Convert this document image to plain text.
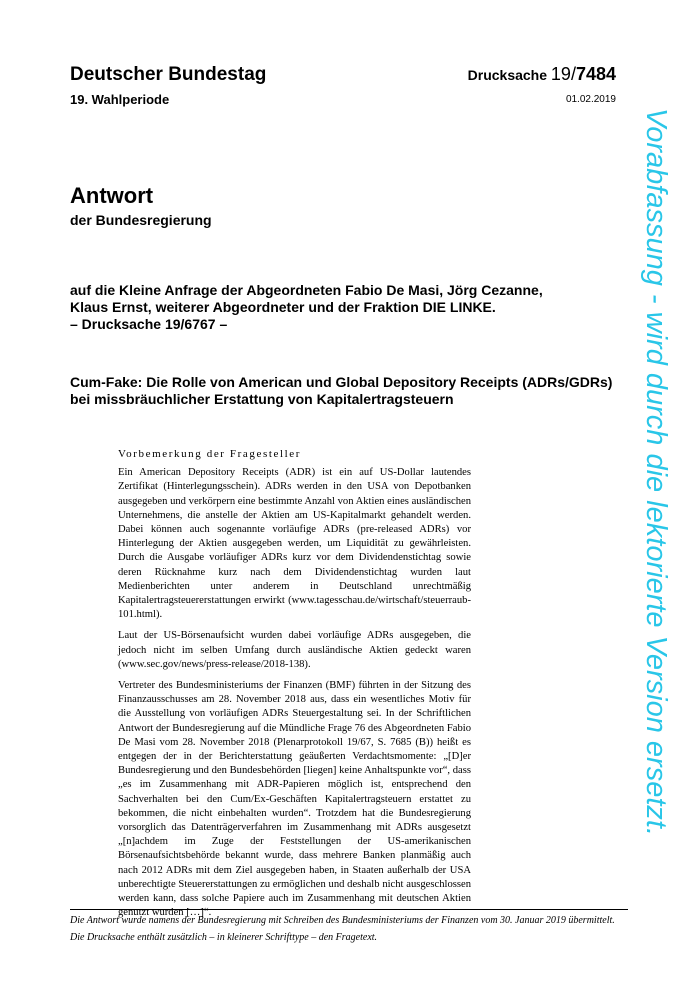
Deutscher Bundestag
19. Wahlperiode
Drucksache 19/7484
01.02.2019
Antwort
der Bundesregierung
auf die Kleine Anfrage der Abgeordneten Fabio De Masi, Jörg Cezanne,
Klaus Ernst, weiterer Abgeordneter und der Fraktion DIE LINKE.
– Drucksache 19/6767 –
Cum-Fake: Die Rolle von American und Global Depository Receipts (ADRs/GDRs) bei missbräuchlicher Erstattung von Kapitalertragsteuern
Vorbemerkung der Fragesteller

Ein American Depository Receipts (ADR) ist ein auf US-Dollar lautendes Zertifikat (Hinterlegungsschein). ADRs werden in den USA von Depotbanken ausgegeben und verkörpern eine bestimmte Anzahl von Aktien eines ausländischen Unternehmens, die anstelle der Aktien am US-Kapitalmarkt gehandelt werden. Dabei können auch sogenannte vorläufige ADRs (pre-released ADRs) vor Hinterlegung der Aktien ausgegeben werden, um Liquidität zu gewährleisten. Durch die Ausgabe vorläufiger ADRs kurz vor dem Dividendenstichtag sowie deren Rücknahme kurz nach dem Dividendenstichtag wurden laut Medienberichten unter anderem in Deutschland unrechtmäßig Kapitalertragsteuererstattungen erwirkt (www.tagesschau.de/wirtschaft/steuerraub-101.html).

Laut der US-Börsenaufsicht wurden dabei vorläufige ADRs ausgegeben, die jedoch nicht im selben Umfang durch ausländische Aktien gedeckt waren (www.sec.gov/news/press-release/2018-138).

Vertreter des Bundesministeriums der Finanzen (BMF) führten in der Sitzung des Finanzausschusses am 28. November 2018 aus, dass ein wesentliches Motiv für die Ausstellung von vorläufigen ADRs Steuergestaltung sei. In der Schriftlichen Antwort der Bundesregierung auf die Mündliche Frage 76 des Abgeordneten Fabio De Masi vom 28. November 2018 (Plenarprotokoll 19/67, S. 7685 (B)) heißt es entgegen der in der Berichterstattung geäußerten Verdachtsmomente: „[D]er Bundesregierung und den Bundesbehörden [liegen] keine Anhaltspunkte vor“, dass „es im Zusammenhang mit ADR-Papieren möglich ist, entsprechend den Sachverhalten bei den Cum/Ex-Geschäften Kapitalertragsteuern erstattet zu bekommen, die nicht einbehalten wurden“. Trotzdem hat die Bundesregierung vorsorglich das Datenträgerverfahren im Zusammenhang mit ADRs ausgesetzt „[n]achdem im Zuge der Feststellungen der US-amerikanischen Börsenaufsichtsbehörde bekannt wurde, dass mehrere Banken planmäßig auch nach 2012 ADRs mit dem Ziel ausgegeben haben, in Staaten außerhalb der USA unberechtigte Steuererstattungen zu ermöglichen und deshalb nicht ausgeschlossen werden kann, dass solche Papiere auch im Zusammenhang mit deutschen Aktien genutzt wurden […]“.

Die Antwort wurde namens der Bundesregierung mit Schreiben des Bundesministeriums der Finanzen vom 30. Januar 2019 übermittelt.

Die Drucksache enthält zusätzlich – in kleinerer Schrifttype – den Fragetext.

Vorabfassung - wird durch die lektorierte Version ersetzt.
